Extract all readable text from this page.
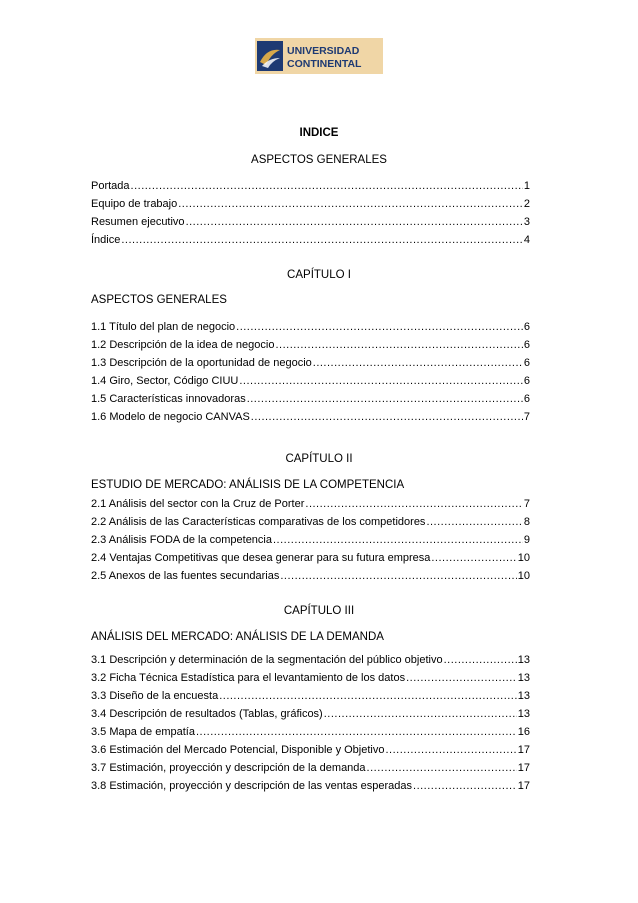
UNIVERSIDAD
CONTINENTAL
INDICE
ASPECTOS GENERALES
Portada .....	1
Equipo de trabajo .....	2
Resumen ejecutivo .....	3
Índice .....	4
CAPÍTULO I
ASPECTOS GENERALES
1.1 Título del plan de negocio .....	6
1.2 Descripción de la idea de negocio .....	6
1.3 Descripción de la oportunidad de negocio .....	6
1.4 Giro, Sector, Código CIUU .....	6
1.5 Características innovadoras .....	6
1.6 Modelo de negocio CANVAS .....	7
CAPÍTULO II
ESTUDIO DE MERCADO: ANÁLISIS DE LA COMPETENCIA
2.1 Análisis del sector con la Cruz de Porter .....	7
2.2 Análisis de las Características comparativas de los competidores .....	8
2.3 Análisis FODA de la competencia .....	9
2.4 Ventajas Competitivas que desea generar para su futura empresa .....	10
2.5 Anexos de las fuentes secundarias .....	10
CAPÍTULO III
ANÁLISIS DEL MERCADO: ANÁLISIS DE LA DEMANDA
3.1 Descripción y determinación de la segmentación del público objetivo .....	13
3.2 Ficha Técnica Estadística para el levantamiento de los datos .....	13
3.3 Diseño de la encuesta .....	13
3.4 Descripción de resultados (Tablas, gráficos) .....	13
3.5 Mapa de empatía .....	16
3.6 Estimación del Mercado Potencial, Disponible y Objetivo .....	17
3.7 Estimación, proyección y descripción de la demanda .....	17
3.8 Estimación, proyección y descripción de las ventas esperadas .....	17
